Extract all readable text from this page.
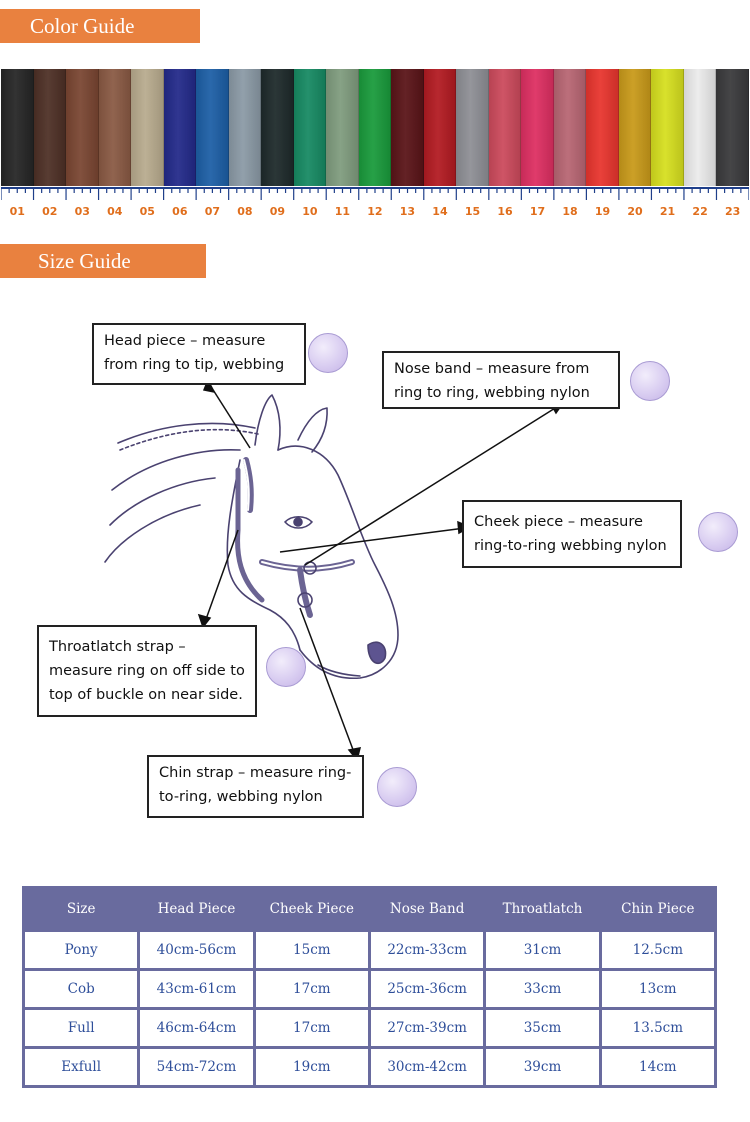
Color Guide
01	02	03	04	05	06	07	08	09	10	11	12	13	14	15	16	17	18	19	20	21	22	23
Size Guide
Head piece – measure
from ring to tip, webbing	Nose band – measure from
ring to ring, webbing nylon
Cheek piece – measure
ring-to-ring webbing nylon
Throatlatch strap –
measure ring on off side to
top of buckle on near side.
Chin strap – measure ring-
to-ring, webbing nylon
Size	Head Piece	Cheek Piece	Nose Band	Throatlatch	Chin Piece
Pony	40cm-56cm	15cm	22cm-33cm	31cm	12.5cm
Cob	43cm-61cm	17cm	25cm-36cm	33cm	13cm
Full	46cm-64cm	17cm	27cm-39cm	35cm	13.5cm
Exfull	54cm-72cm	19cm	30cm-42cm	39cm	14cm
